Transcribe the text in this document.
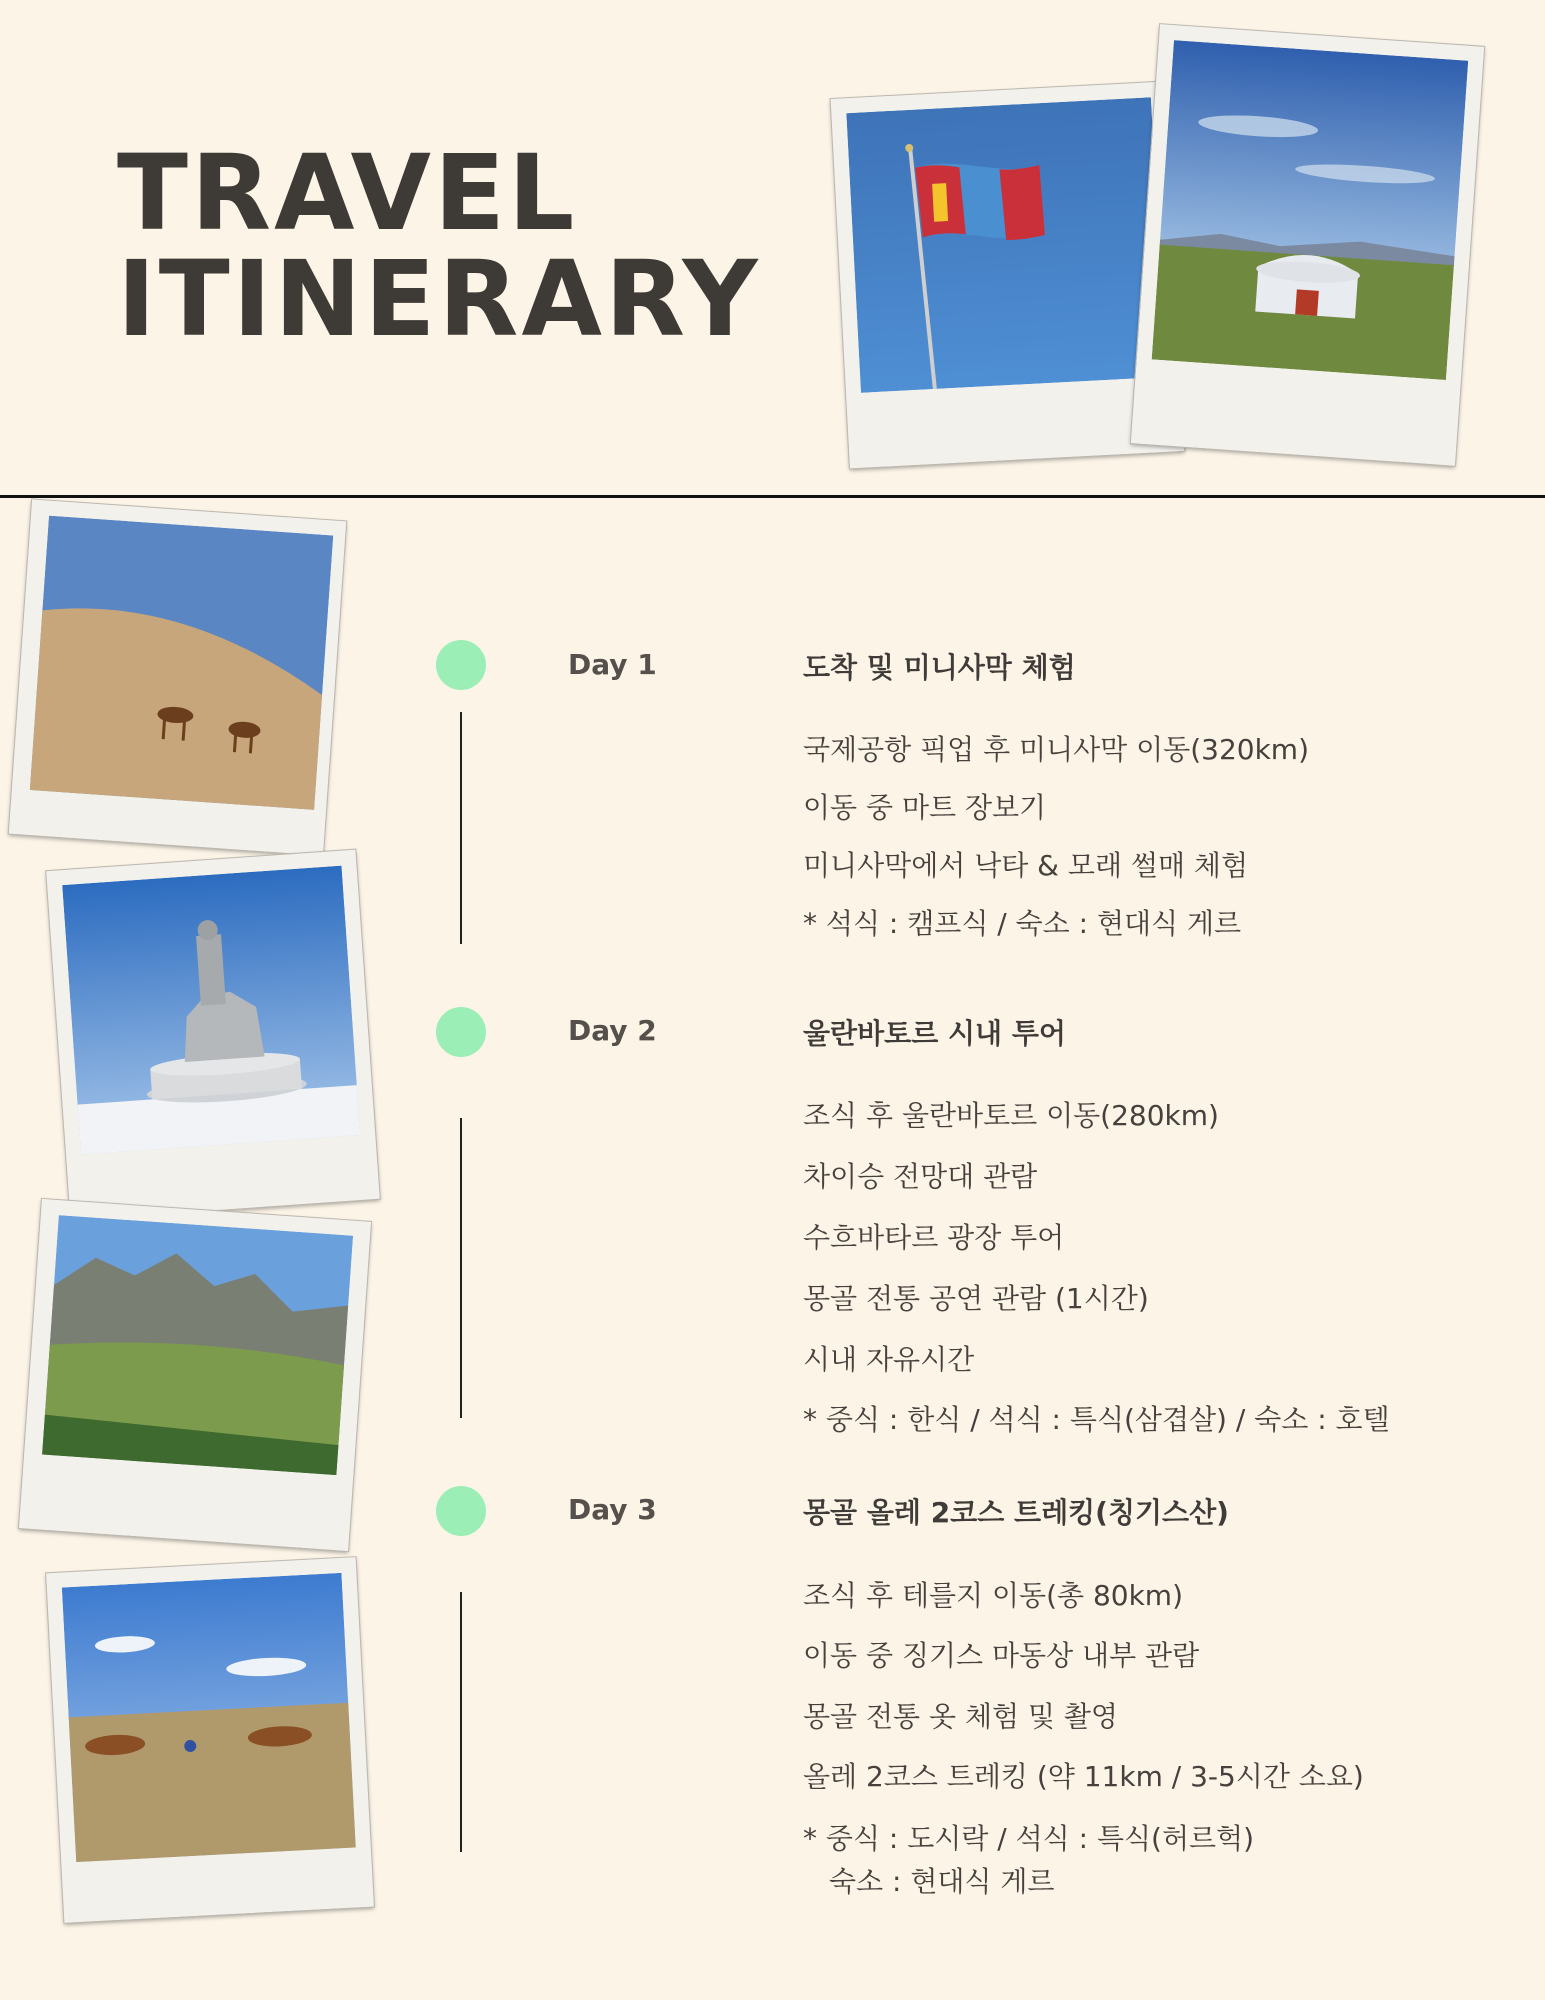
TRAVEL
ITINERARY
Day 1	도착 및 미니사막 체험
국제공항 픽업 후 미니사막 이동(320km)
이동 중 마트 장보기
미니사막에서 낙타 & 모래 썰매 체험
* 석식 : 캠프식 / 숙소 : 현대식 게르
Day 2	울란바토르 시내 투어
조식 후 울란바토르 이동(280km)
차이승 전망대 관람
수흐바타르 광장 투어
몽골 전통 공연 관람 (1시간)
시내 자유시간
* 중식 : 한식 / 석식 : 특식(삼겹살) / 숙소 : 호텔
Day 3	몽골 올레 2코스 트레킹(칭기스산)
조식 후 테를지 이동(총 80km)
이동 중 징기스 마동상 내부 관람
몽골 전통 옷 체험 및 촬영
올레 2코스 트레킹 (약 11km / 3-5시간 소요)
* 중식 : 도시락 / 석식 : 특식(허르헉)
숙소 : 현대식 게르
